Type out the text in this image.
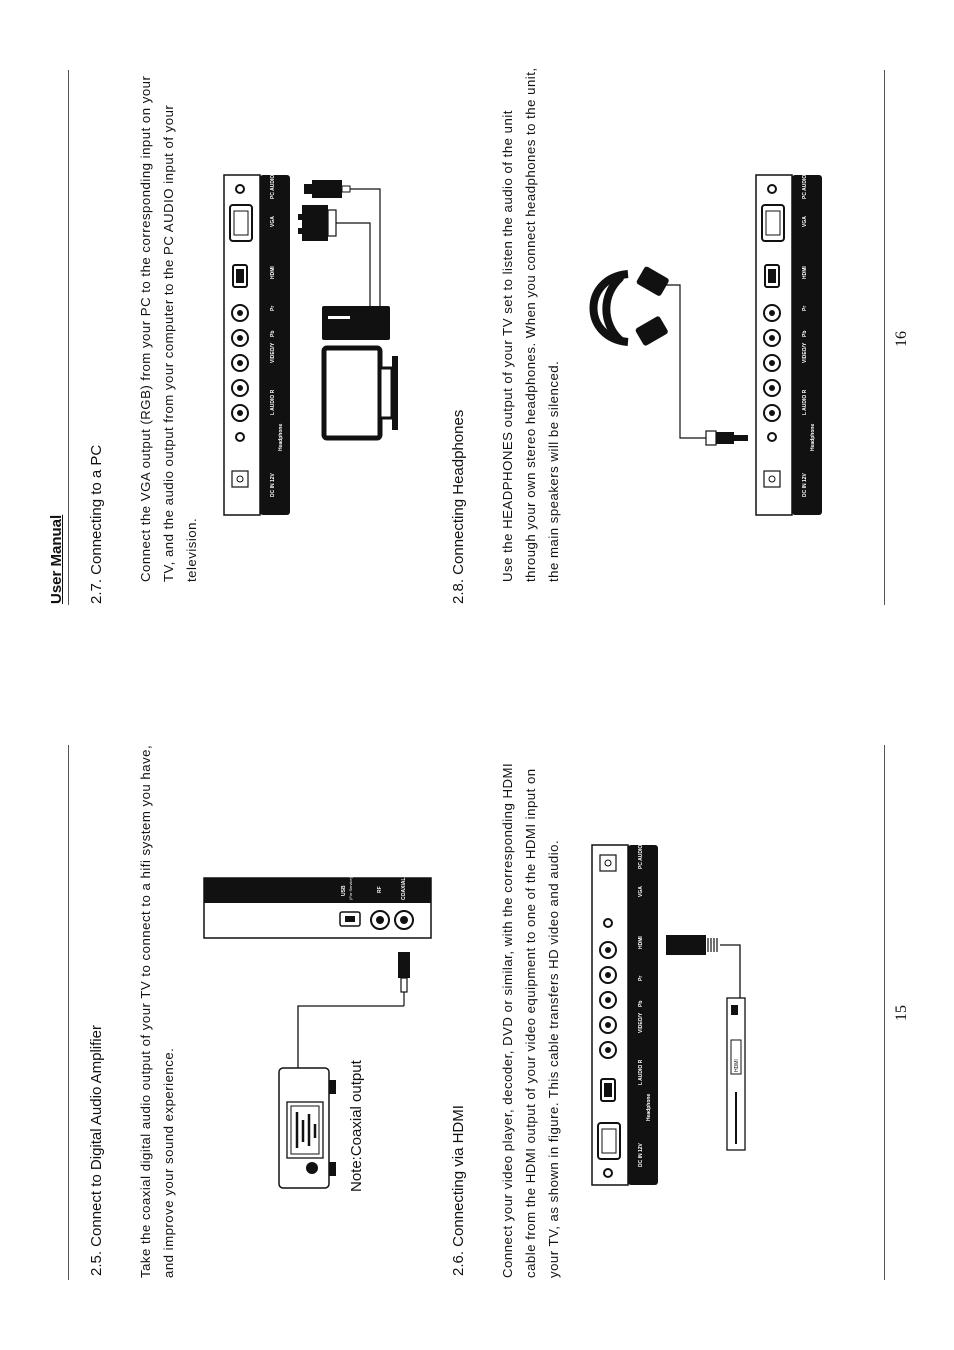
User Manual
2.5. Connect to Digital Audio Amplifier	Take the coaxial digital audio output of your TV to connect to a hifi system you have, and improve your sound experience.	Note:Coaxial output	2.6. Connecting via HDMI	Connect your video player, decoder, DVD or similar, with the corresponding HDMI cable from the HDMI output of your video equipment to one of the HDMI input on your TV, as shown in figure. This cable transfers HD video and audio.
2.7. Connecting to a PC	Connect the VGA output (RGB) from your PC to the corresponding input on your TV, and the audio output from your computer to the PC AUDIO input of your television.	2.8. Connecting Headphones	Use the HEADPHONES output of your TV set to listen the audio of the unit through your own stereo headphones. When you connect headphones to the unit, the main speakers will be silenced.
15
16
USB (For Service)	RF	COAXIAL
DC IN 12V
Headphone
L AUDIO R
VIDEO/Y
Pb
Pr
HDMI
VGA
PC AUDIO
DC IN 12V
Headphone
L AUDIO R
VIDEO/Y
Pb
Pr
HDMI
VGA
PC AUDIO
DC IN 12V
Headphone
L AUDIO R
VIDEO/Y
Pb
Pr
HDMI
VGA
PC AUDIO
HDMI
